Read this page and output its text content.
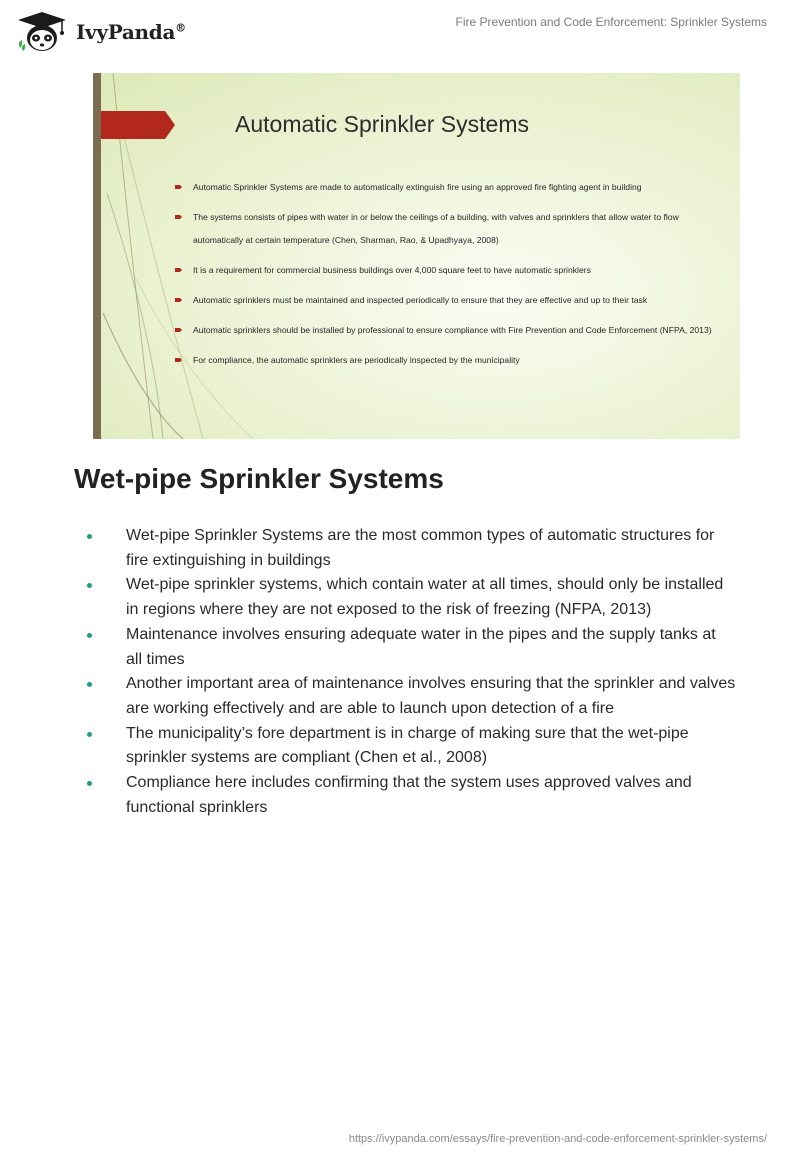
IvyPanda®	Fire Prevention and Code Enforcement: Sprinkler Systems
Automatic Sprinkler Systems
Automatic Sprinkler Systems are made to automatically extinguish fire using an approved fire fighting agent in building
The systems consists of pipes with water in or below the ceilings of a building, with valves and sprinklers that allow water to flow automatically at certain temperature (Chen, Sharman, Rao, & Upadhyaya, 2008)
It is a requirement for commercial business buildings over 4,000 square feet to have automatic sprinklers
Automatic sprinklers must be maintained and inspected periodically to ensure that they are effective and up to their task
Automatic sprinklers should be installed by professional to ensure compliance with Fire Prevention and Code Enforcement (NFPA, 2013)
For compliance, the automatic sprinklers are periodically inspected by the municipality
Wet-pipe Sprinkler Systems
Wet-pipe Sprinkler Systems are the most common types of automatic structures for fire extinguishing in buildings
Wet-pipe sprinkler systems, which contain water at all times, should only be installed in regions where they are not exposed to the risk of freezing (NFPA, 2013)
Maintenance involves ensuring adequate water in the pipes and the supply tanks at all times
Another important area of maintenance involves ensuring that the sprinkler and valves are working effectively and are able to launch upon detection of a fire
The municipality’s fore department is in charge of making sure that the wet-pipe sprinkler systems are compliant (Chen et al., 2008)
Compliance here includes confirming that the system uses approved valves and functional sprinklers
https://ivypanda.com/essays/fire-prevention-and-code-enforcement-sprinkler-systems/
